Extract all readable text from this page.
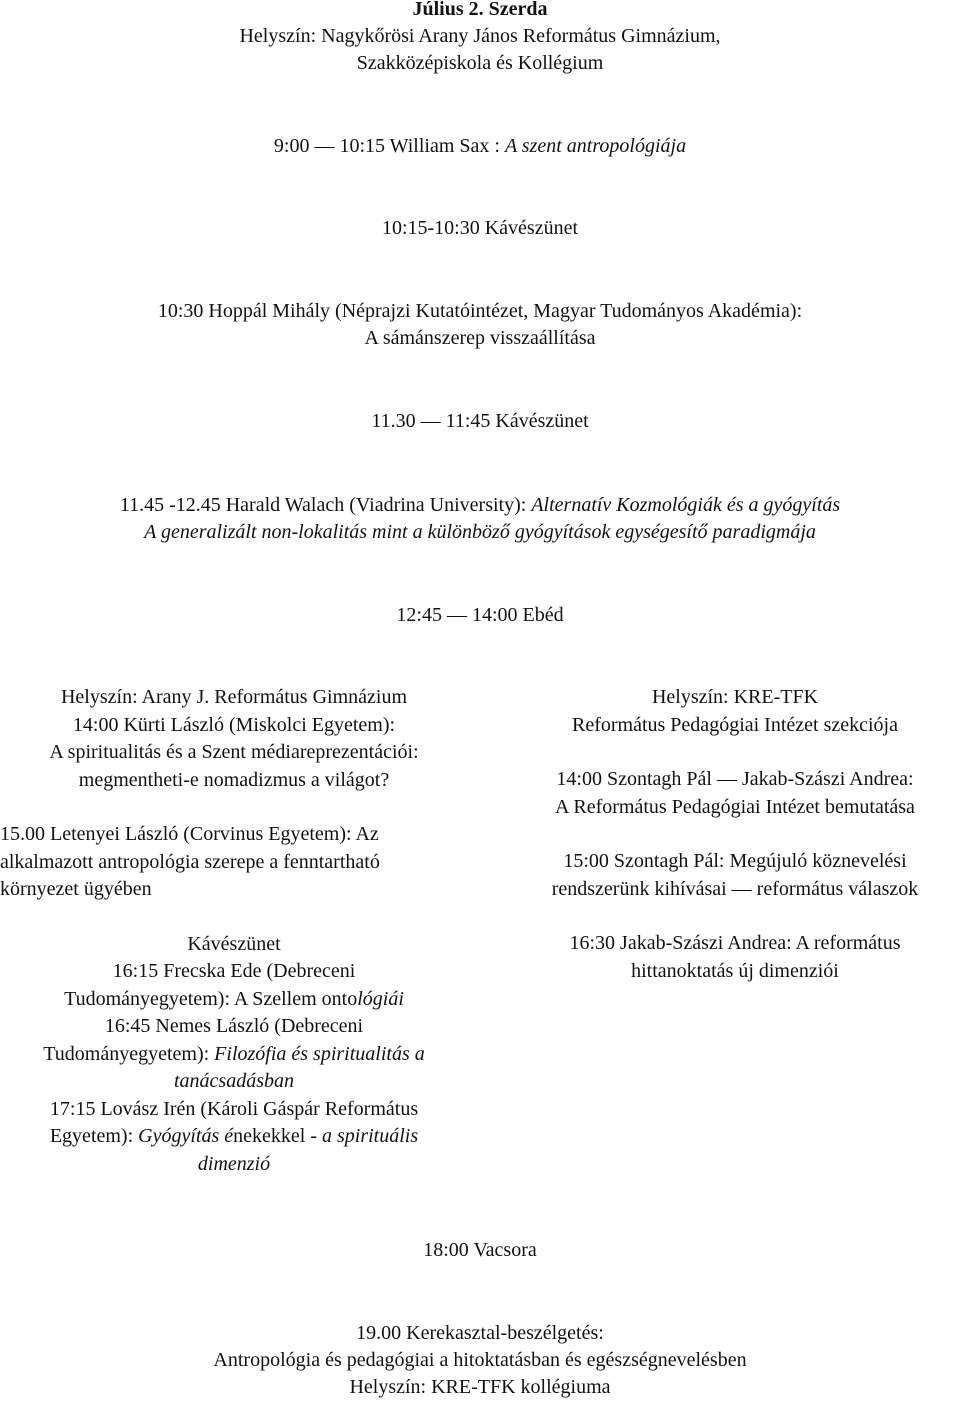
Július 2. Szerda
Helyszín: Nagykőrösi Arany János Református Gimnázium,
Szakközépiskola és Kollégium
9:00 ― 10:15 William Sax : A szent antropológiája
10:15-10:30 Kávészünet
10:30 Hoppál Mihály (Néprajzi Kutatóintézet, Magyar Tudományos Akadémia):
A sámánszerep visszaállítása
11.30 ― 11:45 Kávészünet
11.45 -12.45 Harald Walach (Viadrina University): Alternatív Kozmológiák és a gyógyítás
A generalizált non-lokalitás mint a különböző gyógyítások egységesítő paradigmája
12:45 ― 14:00 Ebéd

Helyszín: Arany J. Református Gimnázium

14:00 Kürti László (Miskolci Egyetem):

A spiritualitás és a Szent médiareprezentációi:

megmentheti-e nomadizmus a világot?

15.00 Letenyei László (Corvinus Egyetem): Az

alkalmazott antropológia szerepe a fenntartható

környezet ügyében

Kávészünet

16:15 Frecska Ede (Debreceni

Tudományegyetem): A Szellem ontológiái

16:45 Nemes László (Debreceni

Tudományegyetem): Filozófia és spiritualitás a

tanácsadásban

17:15 Lovász Irén (Károli Gáspár Református

Egyetem): Gyógyítás énekekkel - a spirituális

dimenzió

Helyszín: KRE-TFK

Református Pedagógiai Intézet szekciója

14:00 Szontagh Pál ― Jakab-Szászi Andrea:

A Református Pedagógiai Intézet bemutatása

15:00 Szontagh Pál: Megújuló köznevelési

rendszerünk kihívásai ― református válaszok

16:30 Jakab-Szászi Andrea: A református

hittanoktatás új dimenziói

18:00 Vacsora
19.00 Kerekasztal-beszélgetés:
Antropológia és pedagógiai a hitoktatásban és egészségnevelésben
Helyszín: KRE-TFK kollégiuma
